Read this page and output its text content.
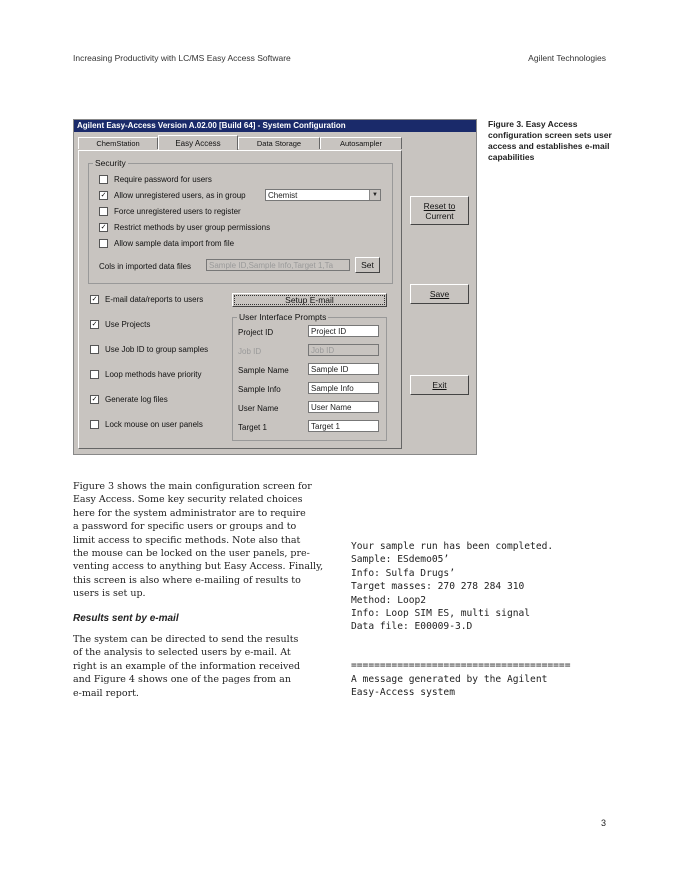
Increasing Productivity with LC/MS Easy Access Software	Agilent Technologies
Agilent Easy-Access Version A.02.00 [Build 64] - System Configuration
ChemStation	Easy Access	Data Storage	Autosampler
Security
Require password for users
✓ Allow unregistered users, as in group	Chemist	▼
Force unregistered users to register
✓ Restrict methods by user group permissions
Allow sample data import from file
Cols in imported data files	Sample ID,Sample Info,Target 1,Ta	Set
✓ E-mail data/reports to users
✓ Use Projects
Use Job ID to group samples
Loop methods have priority
✓ Generate log files
Lock mouse on user panels
Setup E-mail
User Interface Prompts
Project ID	Project ID
Job ID	Job ID
Sample Name	Sample ID
Sample Info	Sample Info
User Name	User Name
Target 1	Target 1
Reset to
Current
Save
Exit
Figure 3. Easy Access configuration screen sets user access and establishes e-mail capabilities
Figure 3 shows the main configuration screen for
Easy Access. Some key security related choices
here for the system administrator are to require
a password for specific users or groups and to
limit access to specific methods. Note also that
the mouse can be locked on the user panels, pre-
venting access to anything but Easy Access. Finally,
this screen is also where e-mailing of results to
users is set up.
Results sent by e-mail
The system can be directed to send the results
of the analysis to selected users by e-mail. At
right is an example of the information received
and Figure 4 shows one of the pages from an
e-mail report.
Your sample run has been completed.
Sample: ESdemo05’
Info: Sulfa Drugs’
Target masses: 270 278 284 310
Method: Loop2
Info: Loop SIM ES, multi signal
Data file: E00009-3.D
======================================
A message generated by the Agilent
Easy-Access system
3
